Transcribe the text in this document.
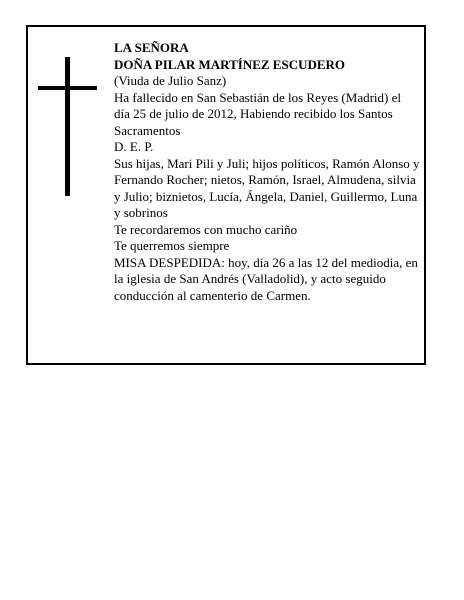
LA SEÑORA
DOÑA PILAR MARTÍNEZ ESCUDERO
(Viuda de Julio Sanz)
Ha fallecido en San Sebastián de los Reyes (Madrid) el día 25 de julio de 2012, Habiendo recibido los Santos Sacramentos
D. E. P.
Sus hijas, Mari Pili y Juli; hijos políticos, Ramón Alonso y Fernando Rocher; nietos, Ramón, Israel, Almudena, silvia y Julio; biznietos, Lucía, Ángela, Daniel, Guillermo, Luna y sobrinos
Te recordaremos con mucho cariño
Te querremos siempre
MISA DESPEDIDA: hoy, día 26 a las 12 del mediodia, en la iglesia de San Andrés (Valladolid), y acto seguido conducción al camenterio de Carmen.
